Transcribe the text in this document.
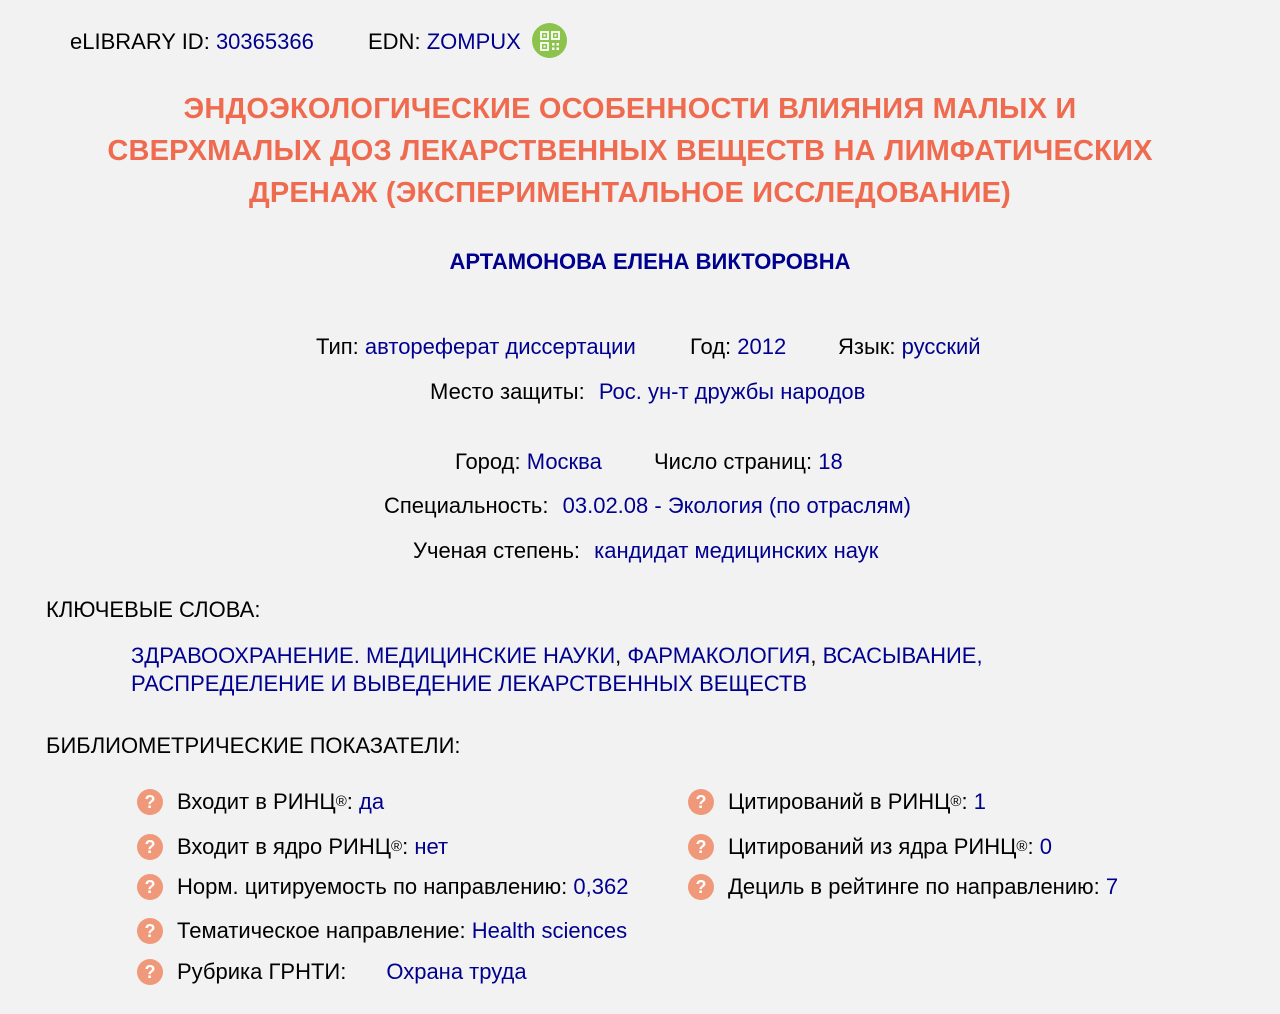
eLIBRARY ID: 30365366 EDN: ZOMPUX
ЭНДОЭКОЛОГИЧЕСКИЕ ОСОБЕННОСТИ ВЛИЯНИЯ МАЛЫХ И
СВЕРХМАЛЫХ ДОЗ ЛЕКАРСТВЕННЫХ ВЕЩЕСТВ НА ЛИМФАТИЧЕСКИХ
ДРЕНАЖ (ЭКСПЕРИМЕНТАЛЬНОЕ ИССЛЕДОВАНИЕ)
АРТАМОНОВА ЕЛЕНА ВИКТОРОВНА
Тип: автореферат диссертации Год: 2012 Язык: русский
Место защиты: Рос. ун-т дружбы народов
Город: Москва Число страниц: 18
Специальность: 03.02.08 - Экология (по отраслям)
Ученая степень: кандидат медицинских наук
КЛЮЧЕВЫЕ СЛОВА:
ЗДРАВООХРАНЕНИЕ. МЕДИЦИНСКИЕ НАУКИ, ФАРМАКОЛОГИЯ, ВСАСЫВАНИЕ, РАСПРЕДЕЛЕНИЕ И ВЫВЕДЕНИЕ ЛЕКАРСТВЕННЫХ ВЕЩЕСТВ
БИБЛИОМЕТРИЧЕСКИЕ ПОКАЗАТЕЛИ:
? Входит в РИНЦ ® :
да
? Входит в ядро РИНЦ ® :
нет
? Норм. цитируемость по направлению:
0,362
? Тематическое направление:
Health sciences
? Рубрика ГРНТИ: Охрана труда
? Цитирований в РИНЦ ® :
1
? Цитирований из ядра РИНЦ ® :
0
? Дециль в рейтинге по направлению:
7
